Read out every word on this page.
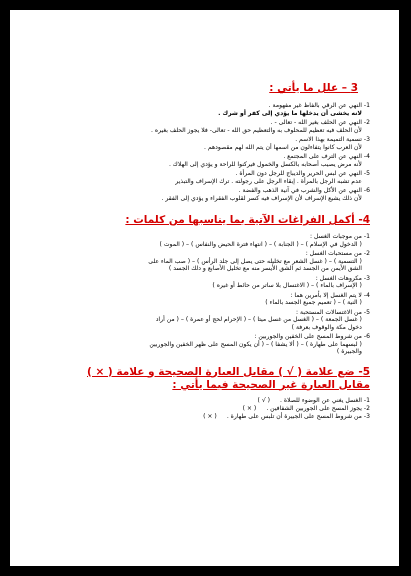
3 – علل ما يأتي :
1-
النهي عن الرقي بالفاظ غير مفهومة .
لانه يخشى أن يدخلها ما يؤدي إلى كفر أو شرك .
2-
النهي عن الحلف بغير الله - تعالى - .
لأن الحلف فيه تعظيم للمحلوف به والتعظيم حق الله - تعالى- فلا يجوز الحلف بغيره .
3-
تسمية التميمة بهذا الاسم .
لأن العرب كانوا يتفاءلون من اسمها أن يتم الله لهم مقصودهم .
4-
النهي عن الترف على المجتمع .
لأنه مرض يصيب أصحابه بالكسل والخمول فيركنوا للراحة و يؤدي إلى الهلاك .
5-
النهي عن لبس الحرير والديباج للرجل دون المرأة .
عدم تشبه الرجل بالمرأة . إبقاء الرجل على رجولته . ترك الإسراف والتبذير
6-
النهي عن الأكل والشرب في آنية الذهب والفضة .
لأن ذلك يشيع الإسراف لأن الإسراف فيه كسر لقلوب الفقراء و يؤدي إلى الفقر .
4- أكمل الفراغات الآتية بما يناسبها من كلمات :
1-
من موجبات الغسل :
( الدخول في الإسلام ) – ( الجنابة ) – ( انتهاء فترة الحيض والنفاس ) – ( الموت )
2-
من مستحبات الغسل :
( التسمية ) – ( غسل الشعر مع تخليله حتى يصل إلى جلد الرأس ) – ( صب الماء على
الشق الأيمن من الجسد ثم الشق الأيسر منه مع تخليل الأصابع و دلك الجسد )
3-
مكروهات الغسل :
( الإسراف بالماء ) – ( الاغتسال بلا ساتر من حائط أو غيره )
4-
لا يتم الغسل إلا بأمرين هما :
( النية ) – ( تعميم جميع الجسد بالماء )
5-
من الاغتسالات المستحبة :
( غسل الجمعة ) – ( الغسل من غسل ميتا ) – ( الإحرام لحج أو عمرة ) – ( من أراد
دخول مكة والوقوف بعرفة )
6-
من شروط المسح على الخفين والجوربين :
( لبسهما على طهارة ) – ( ألا يشفا ) – ( أن يكون المسح على ظهر الخفين والجوربين
والجبيرة )
5- ضع علامة ( √ ) مقابل العبارة الصحيحة و علامة ( × )
مقابل العبارة غير الصحيحة فيما يأتي :
1-
الغسل يغني عن الوضوء للصلاة .
( √ )
2-
يجوز المسح على الجوربين الشفافين .
( × )
3-
من شروط المسح على الجبيرة أن تلبس على طهارة .
( × )
